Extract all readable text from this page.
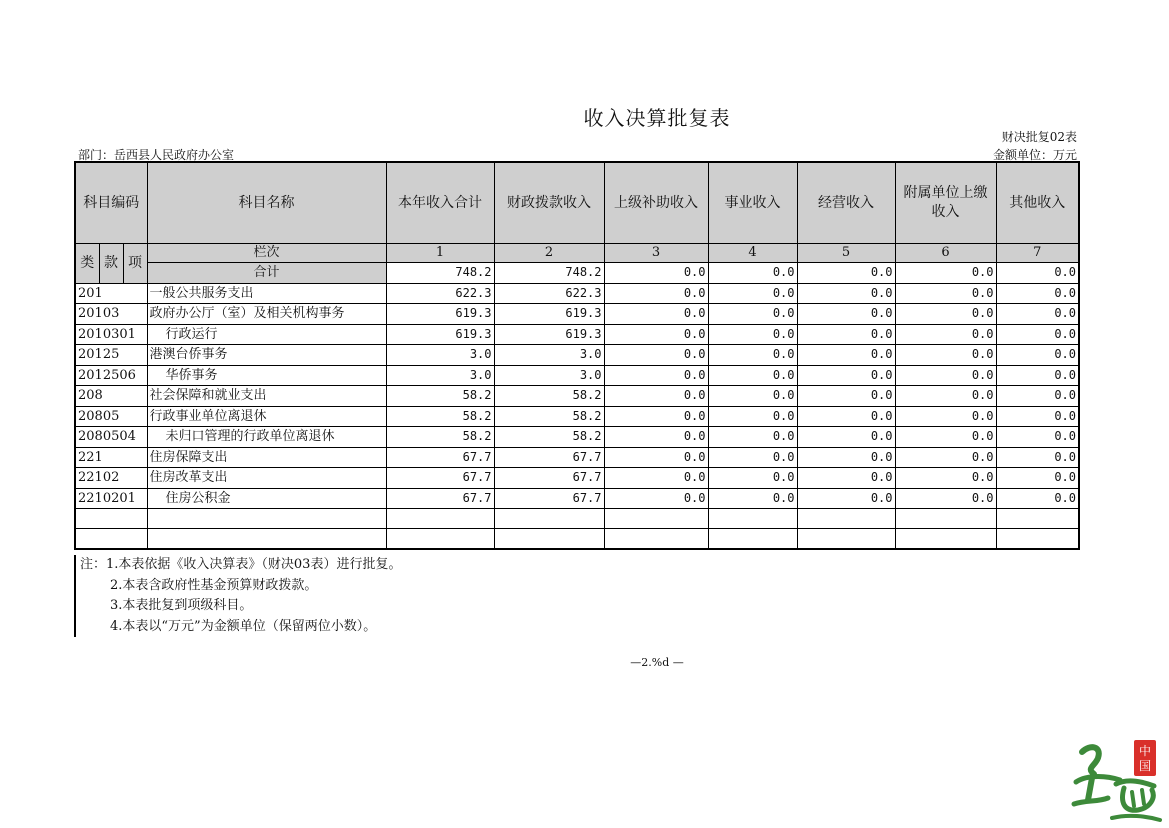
收入决算批复表
财决批复02表
部门：岳西县人民政府办公室	金额单位：万元
科目编码			科目名称	本年收入合计	财政拨款收入	上级补助收入	事业收入	经营收入	附属单位上缴收入	其他收入
类	款	项	栏次	1	2	3	4	5	6	7
			合计	748.2	748.2	0.0	0.0	0.0	0.0	0.0
201			一般公共服务支出	622.3	622.3	0.0	0.0	0.0	0.0	0.0
20103			政府办公厅（室）及相关机构事务	619.3	619.3	0.0	0.0	0.0	0.0	0.0
2010301			行政运行	619.3	619.3	0.0	0.0	0.0	0.0	0.0
20125			港澳台侨事务	3.0	3.0	0.0	0.0	0.0	0.0	0.0
2012506			华侨事务	3.0	3.0	0.0	0.0	0.0	0.0	0.0
208			社会保障和就业支出	58.2	58.2	0.0	0.0	0.0	0.0	0.0
20805			行政事业单位离退休	58.2	58.2	0.0	0.0	0.0	0.0	0.0
2080504			未归口管理的行政单位离退休	58.2	58.2	0.0	0.0	0.0	0.0	0.0
221			住房保障支出	67.7	67.7	0.0	0.0	0.0	0.0	0.0
22102			住房改革支出	67.7	67.7	0.0	0.0	0.0	0.0	0.0
2210201			住房公积金	67.7	67.7	0.0	0.0	0.0	0.0	0.0

注：1.本表依据《收入决算表》（财决03表）进行批复。
2.本表含政府性基金预算财政拨款。
3.本表批复到项级科目。
4.本表以“万元”为金额单位（保留两位小数）。
—2.%d —
中
国
